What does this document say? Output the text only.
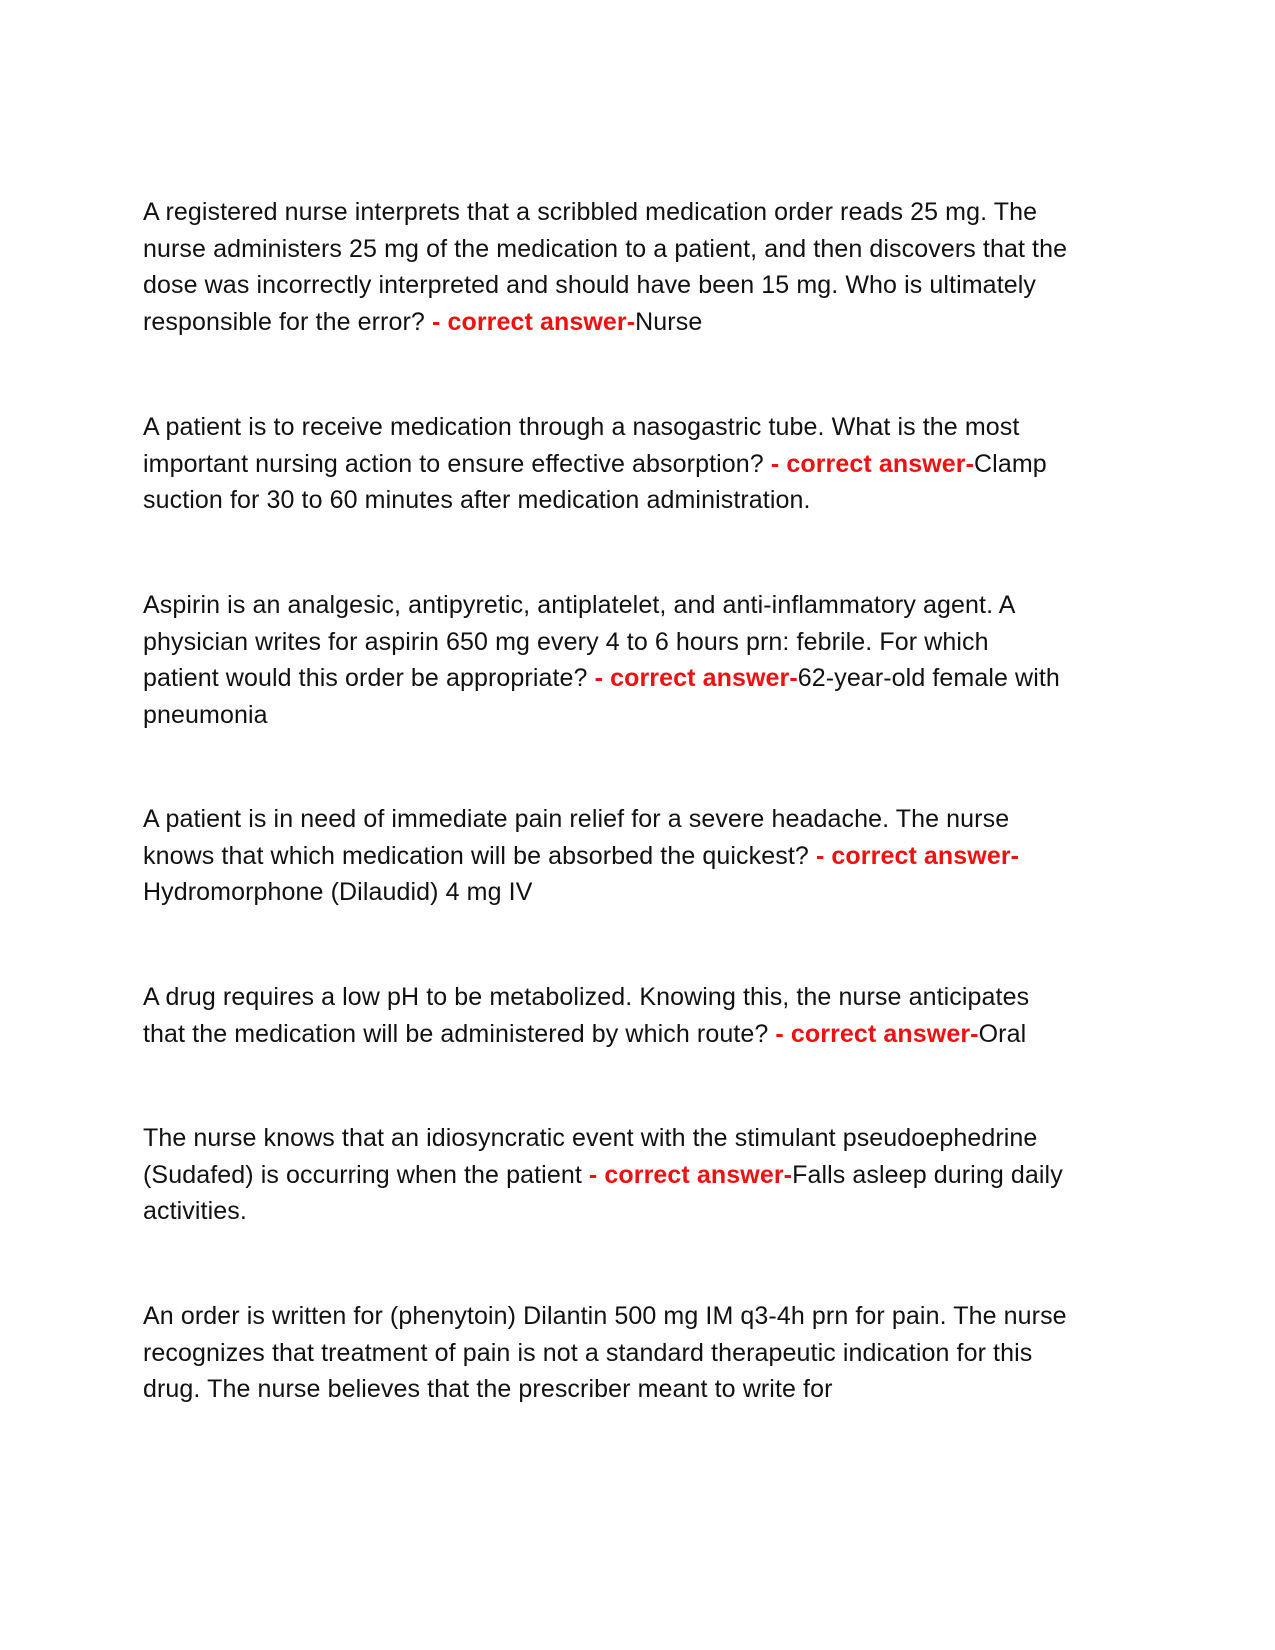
A registered nurse interprets that a scribbled medication order reads 25 mg. The nurse administers 25 mg of the medication to a patient, and then discovers that the dose was incorrectly interpreted and should have been 15 mg. Who is ultimately responsible for the error? - correct answer-Nurse

A patient is to receive medication through a nasogastric tube. What is the most important nursing action to ensure effective absorption? - correct answer-Clamp suction for 30 to 60 minutes after medication administration.

Aspirin is an analgesic, antipyretic, antiplatelet, and anti-inflammatory agent. A physician writes for aspirin 650 mg every 4 to 6 hours prn: febrile. For which patient would this order be appropriate? - correct answer-62-year-old female with pneumonia

A patient is in need of immediate pain relief for a severe headache. The nurse knows that which medication will be absorbed the quickest? - correct answer-Hydromorphone (Dilaudid) 4 mg IV

A drug requires a low pH to be metabolized. Knowing this, the nurse anticipates that the medication will be administered by which route? - correct answer-Oral

The nurse knows that an idiosyncratic event with the stimulant pseudoephedrine (Sudafed) is occurring when the patient - correct answer-Falls asleep during daily activities.

An order is written for (phenytoin) Dilantin 500 mg IM q3-4h prn for pain. The nurse recognizes that treatment of pain is not a standard therapeutic indication for this drug. The nurse believes that the prescriber meant to write for
